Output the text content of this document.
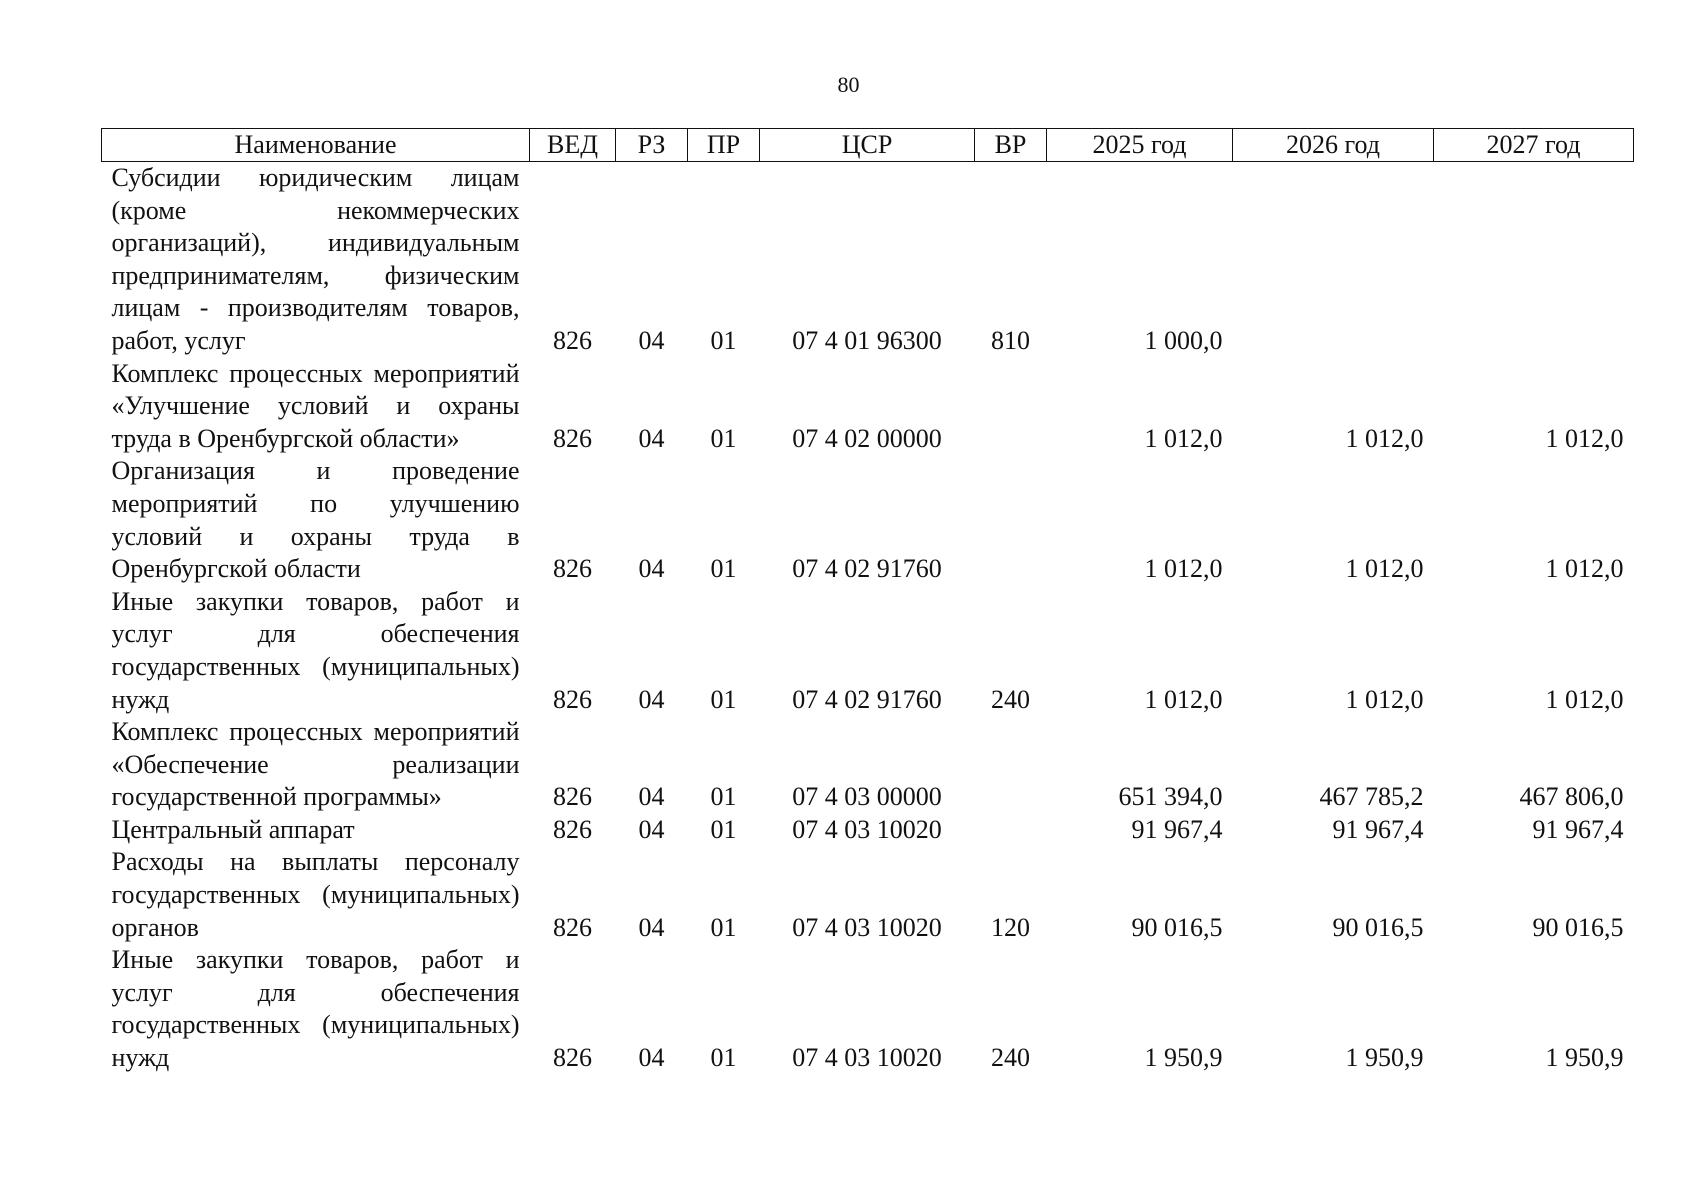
80
Наименование	ВЕД	РЗ	ПР	ЦСР	ВР	2025 год	2026 год	2027 год
Субсидии юридическим лицам (кроме некоммерческих организаций), индивидуальным предпринимателям, физическим лицам - производителям товаров, работ, услуг	826	04	01	07 4 01 96300	810	1 000,0		
Комплекс процессных мероприятий «Улучшение условий и охраны труда в Оренбургской области»	826	04	01	07 4 02 00000		1 012,0	1 012,0	1 012,0
Организация и проведение мероприятий по улучшению условий и охраны труда в Оренбургской области	826	04	01	07 4 02 91760		1 012,0	1 012,0	1 012,0
Иные закупки товаров, работ и услуг для обеспечения государственных (муниципальных) нужд	826	04	01	07 4 02 91760	240	1 012,0	1 012,0	1 012,0
Комплекс процессных мероприятий «Обеспечение реализации государственной программы»	826	04	01	07 4 03 00000		651 394,0	467 785,2	467 806,0
Центральный аппарат	826	04	01	07 4 03 10020		91 967,4	91 967,4	91 967,4
Расходы на выплаты персоналу государственных (муниципальных) органов	826	04	01	07 4 03 10020	120	90 016,5	90 016,5	90 016,5
Иные закупки товаров, работ и услуг для обеспечения государственных (муниципальных) нужд	826	04	01	07 4 03 10020	240	1 950,9	1 950,9	1 950,9
